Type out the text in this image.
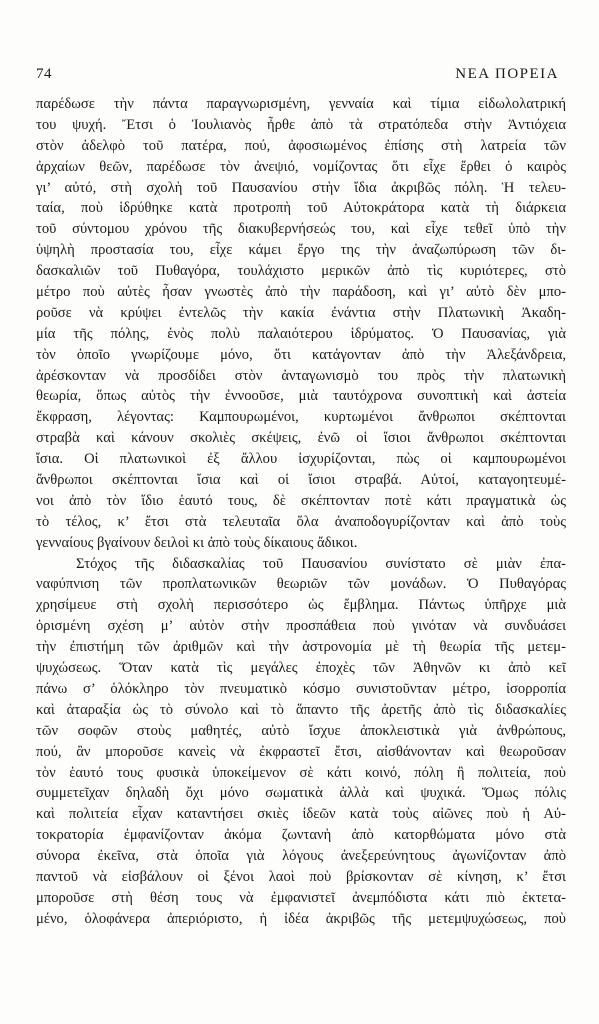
74	ΝΕΑ ΠΟΡΕΙΑ
παρέδωσε τὴν πάντα παραγνωρισμένη, γενναία καὶ τίμια εἰδωλολατρική
του ψυχή. Ἔτσι ὁ Ἰουλιανὸς ἦρθε ἀπὸ τὰ στρατόπεδα στὴν Ἀντιόχεια
στὸν ἀδελφὸ τοῦ πατέρα, πού, ἀφοσιωμένος ἐπίσης στὴ λατρεία τῶν
ἀρχαίων θεῶν, παρέδωσε τὸν ἀνεψιό, νομίζοντας ὅτι εἶχε ἔρθει ὁ καιρὸς
γι’ αὐτό, στὴ σχολὴ τοῦ Παυσανίου στὴν ἴδια ἀκριβῶς πόλη. Ἡ τελευ-
ταία, ποὺ ἱδρύθηκε κατὰ προτροπὴ τοῦ Αὐτοκράτορα κατὰ τὴ διάρκεια
τοῦ σύντομου χρόνου τῆς διακυβερνήσεώς του, καὶ εἶχε τεθεῖ ὑπὸ τὴν
ὑψηλὴ προστασία του, εἶχε κάμει ἔργο της τὴν ἀναζωπύρωση τῶν δι-
δασκαλιῶν τοῦ Πυθαγόρα, τουλάχιστο μερικῶν ἀπὸ τὶς κυριότερες, στὸ
μέτρο ποὺ αὐτὲς ἦσαν γνωστὲς ἀπὸ τὴν παράδοση, καὶ γι’ αὐτὸ δὲν μπο-
ροῦσε νὰ κρύψει ἐντελῶς τὴν κακία ἐνάντια στὴν Πλατωνικὴ Ἀκαδη-
μία τῆς πόλης, ἑνὸς πολὺ παλαιότερου ἱδρύματος. Ὁ Παυσανίας, γιὰ
τὸν ὁποῖο γνωρίζουμε μόνο, ὅτι κατάγονταν ἀπὸ τὴν Ἀλεξάνδρεια,
ἀρέσκονταν νὰ προσδίδει στὸν ἀνταγωνισμὸ του πρὸς τὴν πλατωνικὴ
θεωρία, ὅπως αὐτὸς τὴν ἐννοοῦσε, μιὰ ταυτόχρονα συνοπτικὴ καὶ ἀστεία
ἔκφραση, λέγοντας: Καμπουρωμένοι, κυρτωμένοι ἄνθρωποι σκέπτονται
στραβὰ καὶ κάνουν σκολιὲς σκέψεις, ἐνῶ οἱ ἴσιοι ἄνθρωποι σκέπτονται
ἴσια. Οἱ πλατωνικοὶ ἐξ ἄλλου ἰσχυρίζονται, πὼς οἱ καμπουρωμένοι
ἄνθρωποι σκέπτονται ἴσια καὶ οἱ ἴσιοι στραβά. Αὐτοί, καταγοητευμέ-
νοι ἀπὸ τὸν ἴδιο ἑαυτό τους, δὲ σκέπτονταν ποτὲ κάτι πραγματικὰ ὡς
τὸ τέλος, κ’ ἔτσι στὰ τελευταῖα ὅλα ἀναποδογυρίζονταν καὶ ἀπὸ τοὺς
γενναίους βγαίνουν δειλοὶ κι ἀπὸ τοὺς δίκαιους ἄδικοι.
Στόχος τῆς διδασκαλίας τοῦ Παυσανίου συνίστατο σὲ μιὰν ἐπα-
ναφύπνιση τῶν προπλατωνικῶν θεωριῶν τῶν μονάδων. Ὁ Πυθαγόρας
χρησίμευε στὴ σχολὴ περισσότερο ὡς ἔμβλημα. Πάντως ὑπῆρχε μιὰ
ὁρισμένη σχέση μ’ αὐτὸν στὴν προσπάθεια ποὺ γινόταν νὰ συνδυάσει
τὴν ἐπιστήμη τῶν ἀριθμῶν καὶ τὴν ἀστρονομία μὲ τὴ θεωρία τῆς μετεμ-
ψυχώσεως. Ὅταν κατὰ τὶς μεγάλες ἐποχὲς τῶν Ἀθηνῶν κι ἀπὸ κεῖ
πάνω σ’ ὁλόκληρο τὸν πνευματικὸ κόσμο συνιστοῦνταν μέτρο, ἰσορροπία
καὶ ἀταραξία ὡς τὸ σύνολο καὶ τὸ ἅπαντο τῆς ἀρετῆς ἀπὸ τὶς διδασκαλίες
τῶν σοφῶν στοὺς μαθητές, αὐτὸ ἴσχυε ἀποκλειστικὰ γιὰ ἀνθρώπους,
πού, ἂν μποροῦσε κανεὶς νὰ ἐκφραστεῖ ἔτσι, αἰσθάνονταν καὶ θεωροῦσαν
τὸν ἑαυτό τους φυσικὰ ὑποκείμενον σὲ κάτι κοινό, πόλη ἢ πολιτεία, ποὺ
συμμετεῖχαν δηλαδὴ ὄχι μόνο σωματικὰ ἀλλὰ καὶ ψυχικά. Ὅμως πόλις
καὶ πολιτεία εἶχαν καταντήσει σκιὲς ἰδεῶν κατὰ τοὺς αἰῶνες ποὺ ἡ Αὐ-
τοκρατορία ἐμφανίζονταν ἀκόμα ζωντανὴ ἀπὸ κατορθώματα μόνο στὰ
σύνορα ἐκεῖνα, στὰ ὁποῖα γιὰ λόγους ἀνεξερεύνητους ἀγωνίζονταν ἀπὸ
παντοῦ νὰ εἰσβάλουν οἱ ξένοι λαοὶ ποὺ βρίσκονταν σὲ κίνηση, κ’ ἔτσι
μποροῦσε στὴ θέση τους νὰ ἐμφανιστεῖ ἀνεμπόδιστα κάτι πιὸ ἐκτετα-
μένο, ὁλοφάνερα ἀπεριόριστο, ἡ ἰδέα ἀκριβῶς τῆς μετεμψυχώσεως, ποὺ
